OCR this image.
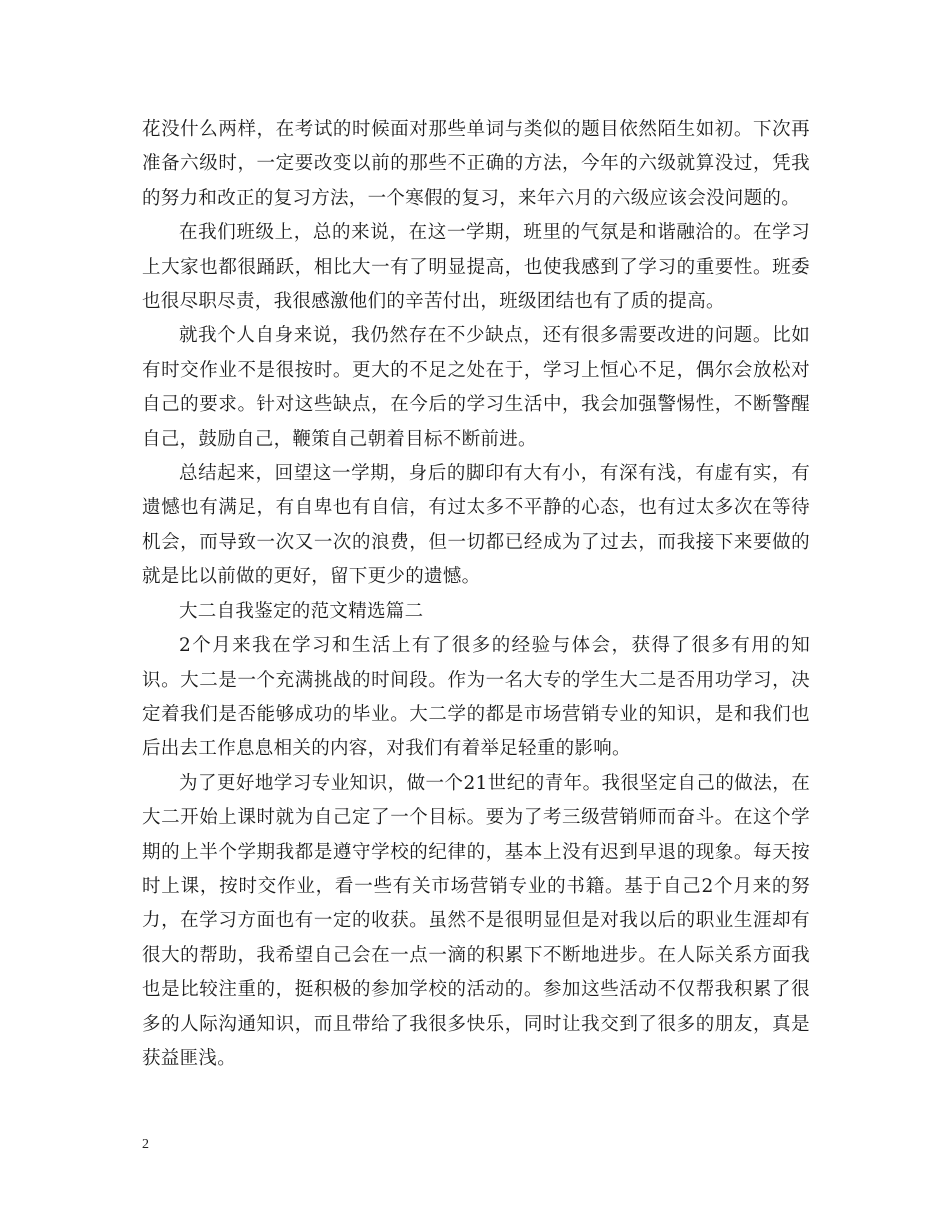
花没什么两样，在考试的时候面对那些单词与类似的题目依然陌生如初。下次再准备六级时，一定要改变以前的那些不正确的方法，今年的六级就算没过，凭我的努力和改正的复习方法，一个寒假的复习，来年六月的六级应该会没问题的。

在我们班级上，总的来说，在这一学期，班里的气氛是和谐融洽的。在学习上大家也都很踊跃，相比大一有了明显提高，也使我感到了学习的重要性。班委也很尽职尽责，我很感激他们的辛苦付出，班级团结也有了质的提高。

就我个人自身来说，我仍然存在不少缺点，还有很多需要改进的问题。比如有时交作业不是很按时。更大的不足之处在于，学习上恒心不足，偶尔会放松对自己的要求。针对这些缺点，在今后的学习生活中，我会加强警惕性，不断警醒自己，鼓励自己，鞭策自己朝着目标不断前进。

总结起来，回望这一学期，身后的脚印有大有小，有深有浅，有虚有实，有遗憾也有满足，有自卑也有自信，有过太多不平静的心态，也有过太多次在等待机会，而导致一次又一次的浪费，但一切都已经成为了过去，而我接下来要做的就是比以前做的更好，留下更少的遗憾。

大二自我鉴定的范文精选篇二

2个月来我在学习和生活上有了很多的经验与体会，获得了很多有用的知识。大二是一个充满挑战的时间段。作为一名大专的学生大二是否用功学习，决定着我们是否能够成功的毕业。大二学的都是市场营销专业的知识，是和我们也后出去工作息息相关的内容，对我们有着举足轻重的影响。

为了更好地学习专业知识，做一个21世纪的青年。我很坚定自己的做法，在大二开始上课时就为自己定了一个目标。要为了考三级营销师而奋斗。在这个学期的上半个学期我都是遵守学校的纪律的，基本上没有迟到早退的现象。每天按时上课，按时交作业，看一些有关市场营销专业的书籍。基于自己2个月来的努力，在学习方面也有一定的收获。虽然不是很明显但是对我以后的职业生涯却有很大的帮助，我希望自己会在一点一滴的积累下不断地进步。在人际关系方面我也是比较注重的，挺积极的参加学校的活动的。参加这些活动不仅帮我积累了很多的人际沟通知识，而且带给了我很多快乐，同时让我交到了很多的朋友，真是获益匪浅。

2
